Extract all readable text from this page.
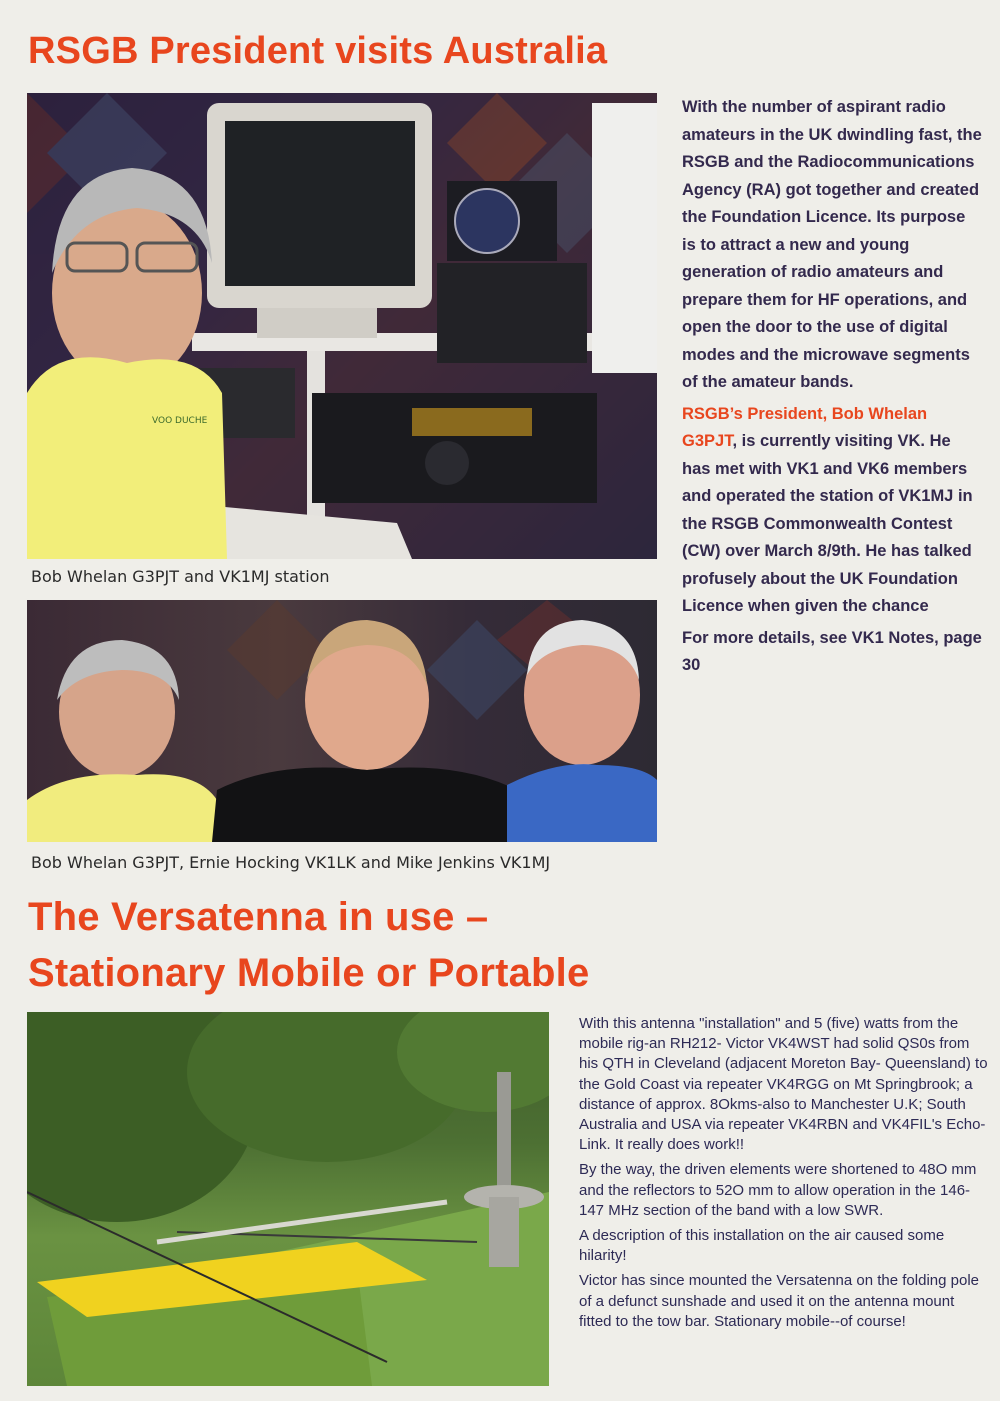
RSGB President visits Australia
VOO DUCHE
Bob Whelan G3PJT and VK1MJ station
Bob Whelan G3PJT, Ernie Hocking VK1LK and Mike Jenkins VK1MJ

With the number of aspirant radio amateurs in the UK dwindling fast, the RSGB and the Radiocommunications Agency (RA) got together and created the Foundation Licence. Its purpose is to attract a new and young generation of radio amateurs and prepare them for HF operations, and open the door to the use of digital modes and the microwave segments of the amateur bands.

RSGB’s President, Bob Whelan G3PJT, is currently visiting VK. He has met with VK1 and VK6 members and operated the station of VK1MJ in the RSGB Commonwealth Contest (CW) over March 8/9th. He has talked profusely about the UK Foundation Licence when given the chance

For more details, see VK1 Notes, page 30

The Versatenna in use –
Stationary Mobile or Portable

With this antenna "installation" and 5 (five) watts from the mobile rig-an RH212- Victor VK4WST had solid QS0s from his QTH in Cleveland (adjacent Moreton Bay- Queensland) to the Gold Coast via repeater VK4RGG on Mt Springbrook; a distance of approx. 8Okms-also to Manchester U.K; South Australia and USA via repeater VK4RBN and VK4FIL's Echo-Link. It really does work!!

By the way, the driven elements were shortened to 48O mm and the reflectors to 52O mm to allow operation in the 146-147 MHz section of the band with a low SWR.

A description of this installation on the air caused some hilarity!

Victor has since mounted the Versatenna on the folding pole of a defunct sunshade and used it on the antenna mount fitted to the tow bar. Stationary mobile--of course!
